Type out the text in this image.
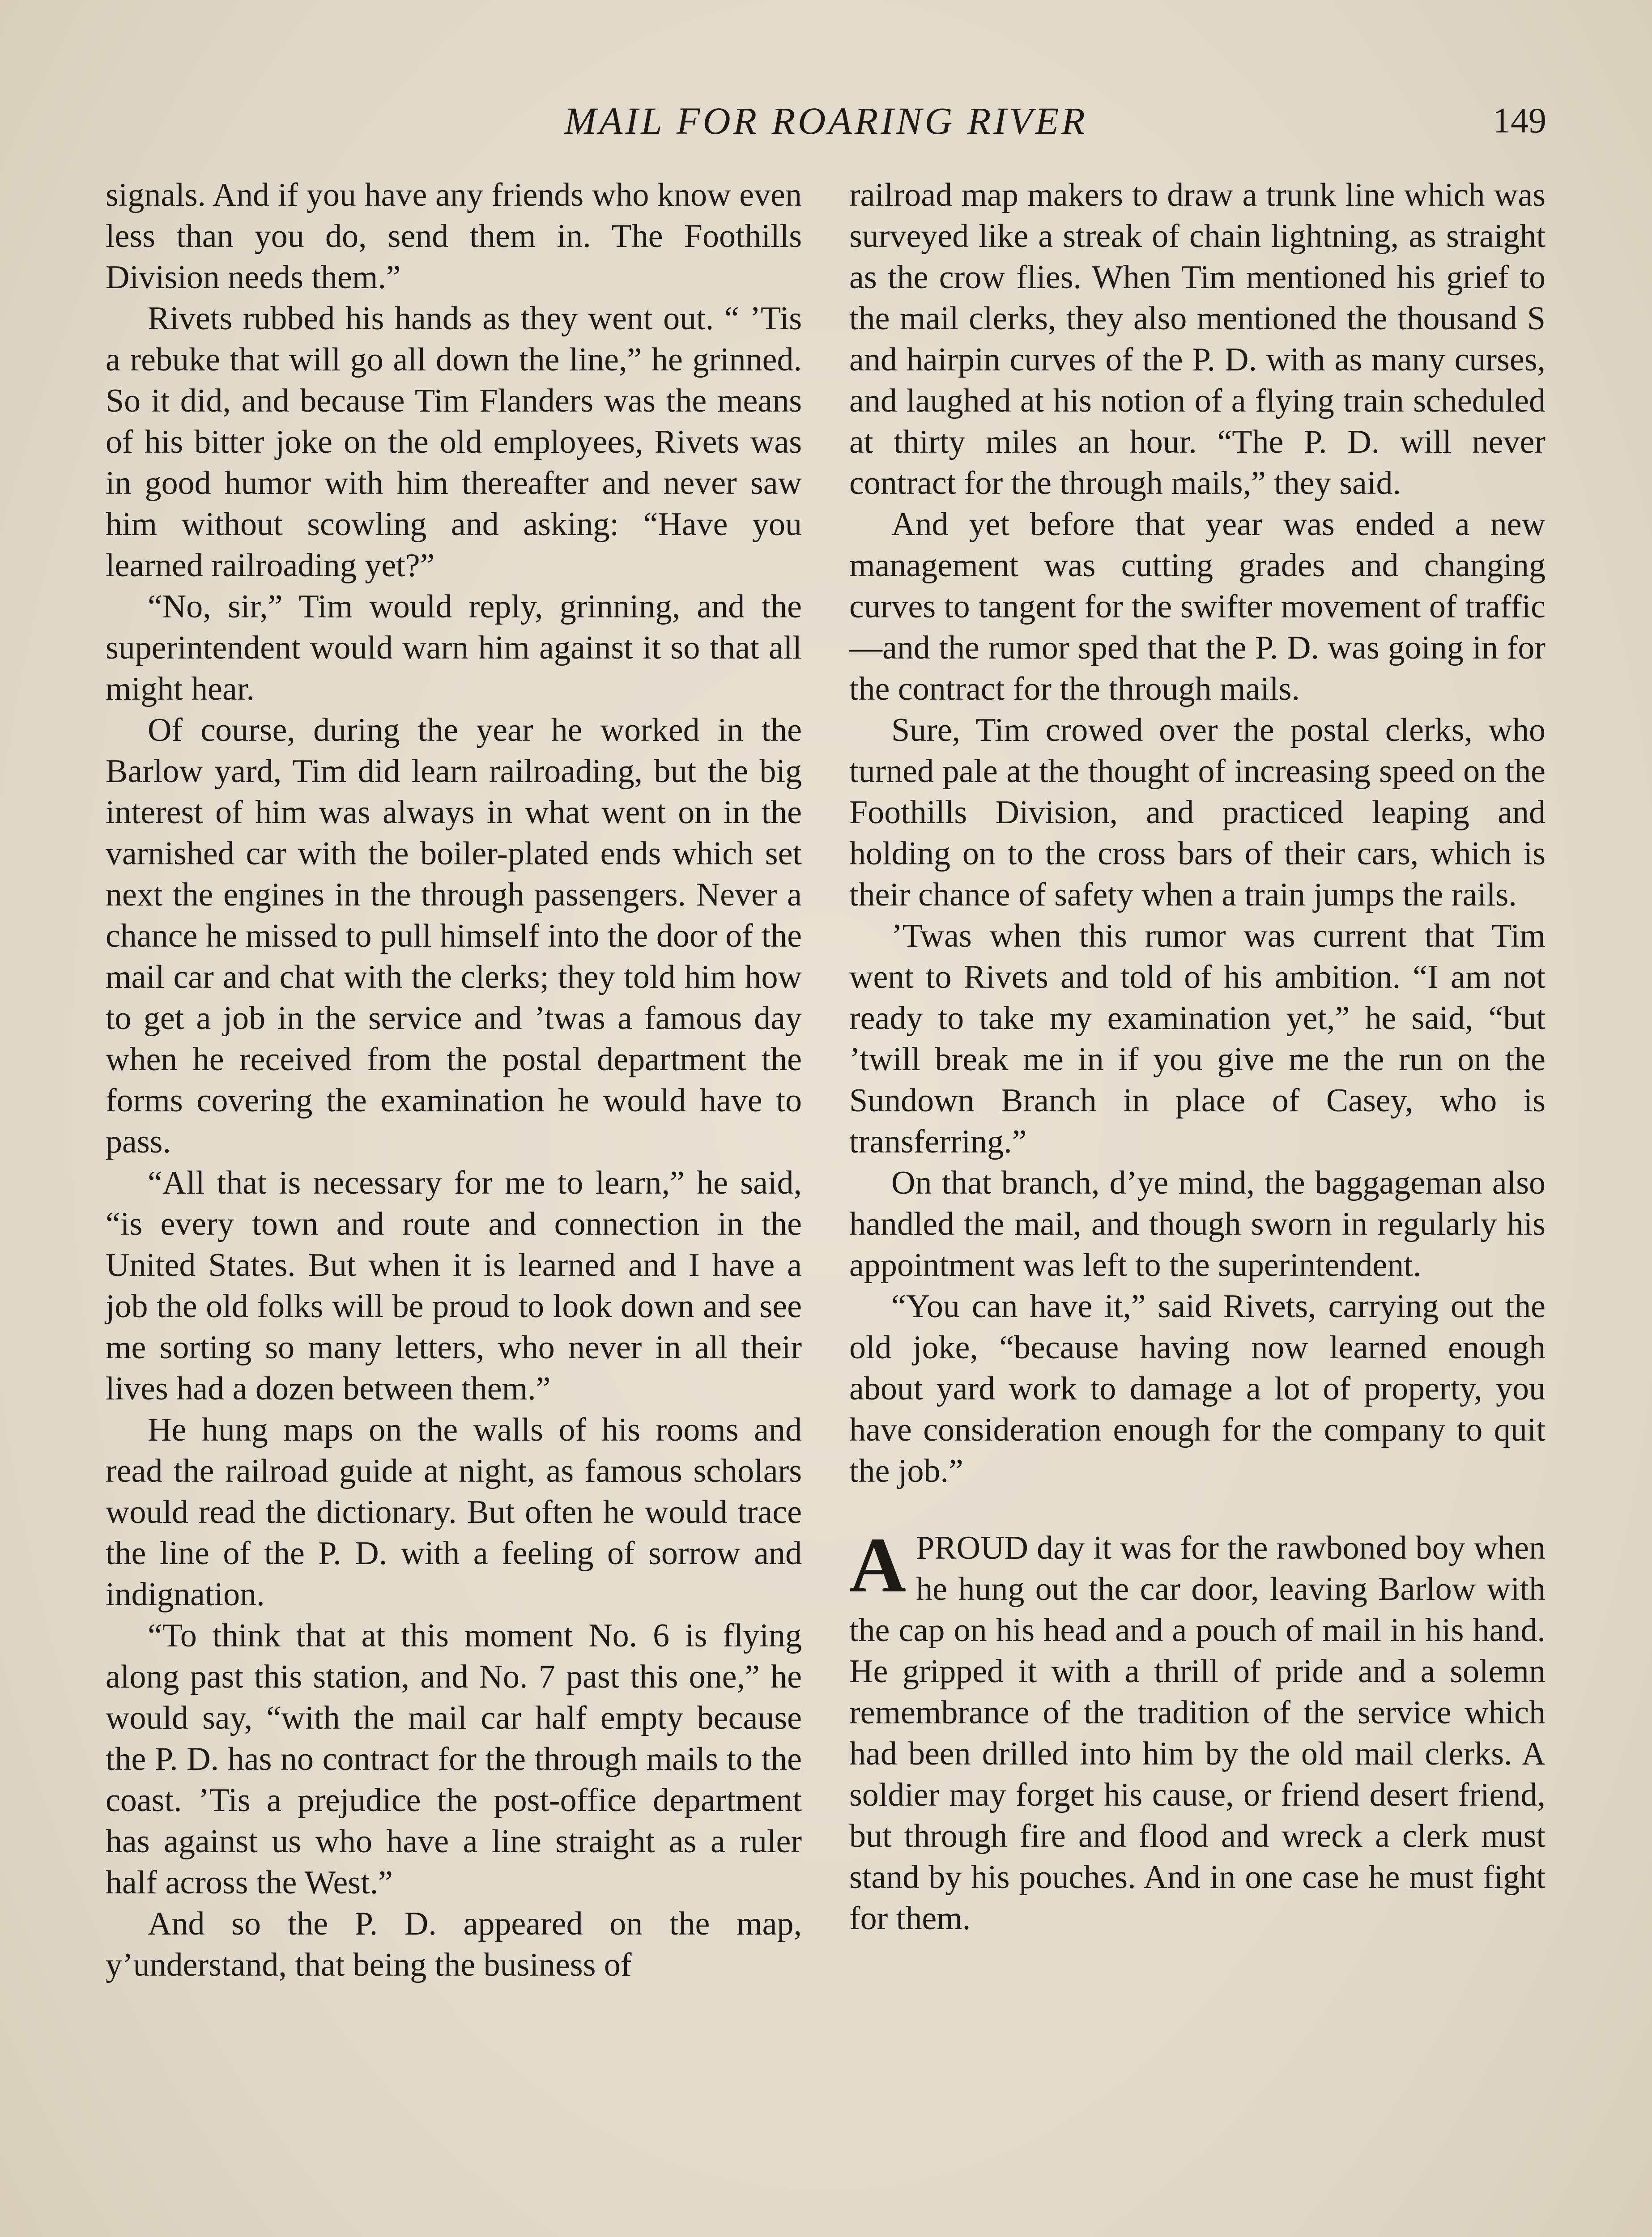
MAIL FOR ROARING RIVER	149

signals. And if you have any friends who know even less than you do, send them in. The Foothills Division needs them.”

Rivets rubbed his hands as they went out. “ ’Tis a rebuke that will go all down the line,” he grinned. So it did, and because Tim Flanders was the means of his bitter joke on the old employees, Rivets was in good humor with him thereafter and never saw him without scowling and asking: “Have you learned railroading yet?”

“No, sir,” Tim would reply, grinning, and the superintendent would warn him against it so that all might hear.

Of course, during the year he worked in the Barlow yard, Tim did learn railroading, but the big interest of him was always in what went on in the varnished car with the boiler-plated ends which set next the engines in the through passengers. Never a chance he missed to pull himself into the door of the mail car and chat with the clerks; they told him how to get a job in the service and ’twas a famous day when he received from the postal department the forms covering the examination he would have to pass.

“All that is necessary for me to learn,” he said, “is every town and route and connection in the United States. But when it is learned and I have a job the old folks will be proud to look down and see me sorting so many letters, who never in all their lives had a dozen between them.”

He hung maps on the walls of his rooms and read the railroad guide at night, as famous scholars would read the dictionary. But often he would trace the line of the P. D. with a feeling of sorrow and indignation.

“To think that at this moment No. 6 is flying along past this station, and No. 7 past this one,” he would say, “with the mail car half empty because the P. D. has no contract for the through mails to the coast. ’Tis a prejudice the post-office department has against us who have a line straight as a ruler half across the West.”

And so the P. D. appeared on the map, y’understand, that being the business of

railroad map makers to draw a trunk line which was surveyed like a streak of chain lightning, as straight as the crow flies. When Tim mentioned his grief to the mail clerks, they also mentioned the thousand S and hairpin curves of the P. D. with as many curses, and laughed at his notion of a flying train scheduled at thirty miles an hour. “The P. D. will never contract for the through mails,” they said.

And yet before that year was ended a new management was cutting grades and changing curves to tangent for the swifter movement of traffic—and the rumor sped that the P. D. was going in for the contract for the through mails.

Sure, Tim crowed over the postal clerks, who turned pale at the thought of increasing speed on the Foothills Division, and practiced leaping and holding on to the cross bars of their cars, which is their chance of safety when a train jumps the rails.

’Twas when this rumor was current that Tim went to Rivets and told of his ambition. “I am not ready to take my examination yet,” he said, “but ’twill break me in if you give me the run on the Sundown Branch in place of Casey, who is transferring.”

On that branch, d’ye mind, the baggageman also handled the mail, and though sworn in regularly his appointment was left to the superintendent.

“You can have it,” said Rivets, carrying out the old joke, “because having now learned enough about yard work to damage a lot of property, you have consideration enough for the company to quit the job.”

APROUD day it was for the rawboned boy when he hung out the car door, leaving Barlow with the cap on his head and a pouch of mail in his hand. He gripped it with a thrill of pride and a solemn remembrance of the tradition of the service which had been drilled into him by the old mail clerks. A soldier may forget his cause, or friend desert friend, but through fire and flood and wreck a clerk must stand by his pouches. And in one case he must fight for them.
